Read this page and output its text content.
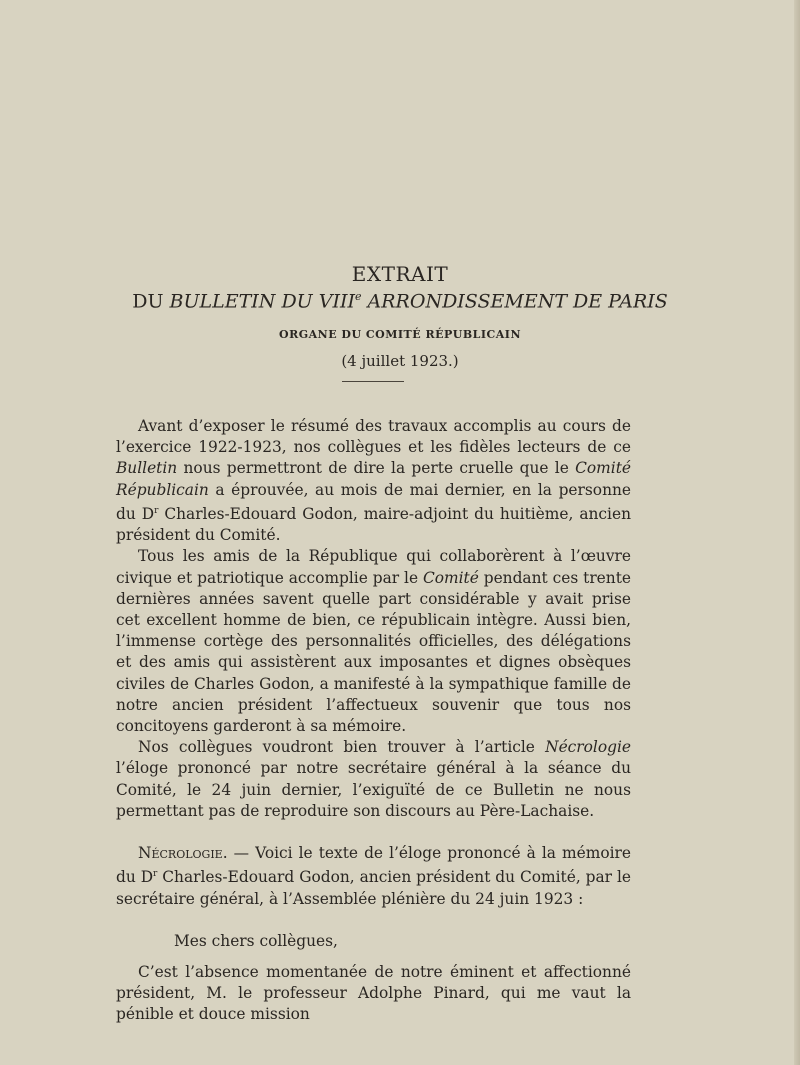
EXTRAIT
DU BULLETIN DU VIIIe ARRONDISSEMENT DE PARIS
ORGANE DU COMITÉ RÉPUBLICAIN
(4 juillet 1923.)

Avant d’exposer le résumé des travaux accomplis au cours de l’exercice 1922-1923, nos collègues et les fidèles lecteurs de ce Bulletin nous permettront de dire la perte cruelle que le Comité Républicain a éprouvée, au mois de mai dernier, en la personne du $D^r$ Charles-Edouard Godon, maire-adjoint du huitième, ancien président du Comité.

Tous les amis de la République qui collaborèrent à l’œuvre civique et patriotique accomplie par le Comité pendant ces trente dernières années savent quelle part considérable y avait prise cet excellent homme de bien, ce républicain intègre. Aussi bien, l’immense cortège des personnalités officielles, des délégations et des amis qui assistèrent aux imposantes et dignes obsèques civiles de Charles Godon, a manifesté à la sympathique famille de notre ancien président l’affectueux souvenir que tous nos concitoyens garderont à sa mémoire.

Nos collègues voudront bien trouver à l’article Nécrologie l’éloge prononcé par notre secrétaire général à la séance du Comité, le 24 juin dernier, l’exiguïté de ce Bulletin ne nous permettant pas de reproduire son discours au Père-Lachaise.

Nécrologie. — Voici le texte de l’éloge prononcé à la mémoire du $D^r$ Charles-Edouard Godon, ancien président du Comité, par le secrétaire général, à l’Assemblée plénière du 24 juin 1923 :

Mes chers collègues,

C’est l’absence momentanée de notre éminent et affectionné président, M. le professeur Adolphe Pinard, qui me vaut la pénible et douce mission
